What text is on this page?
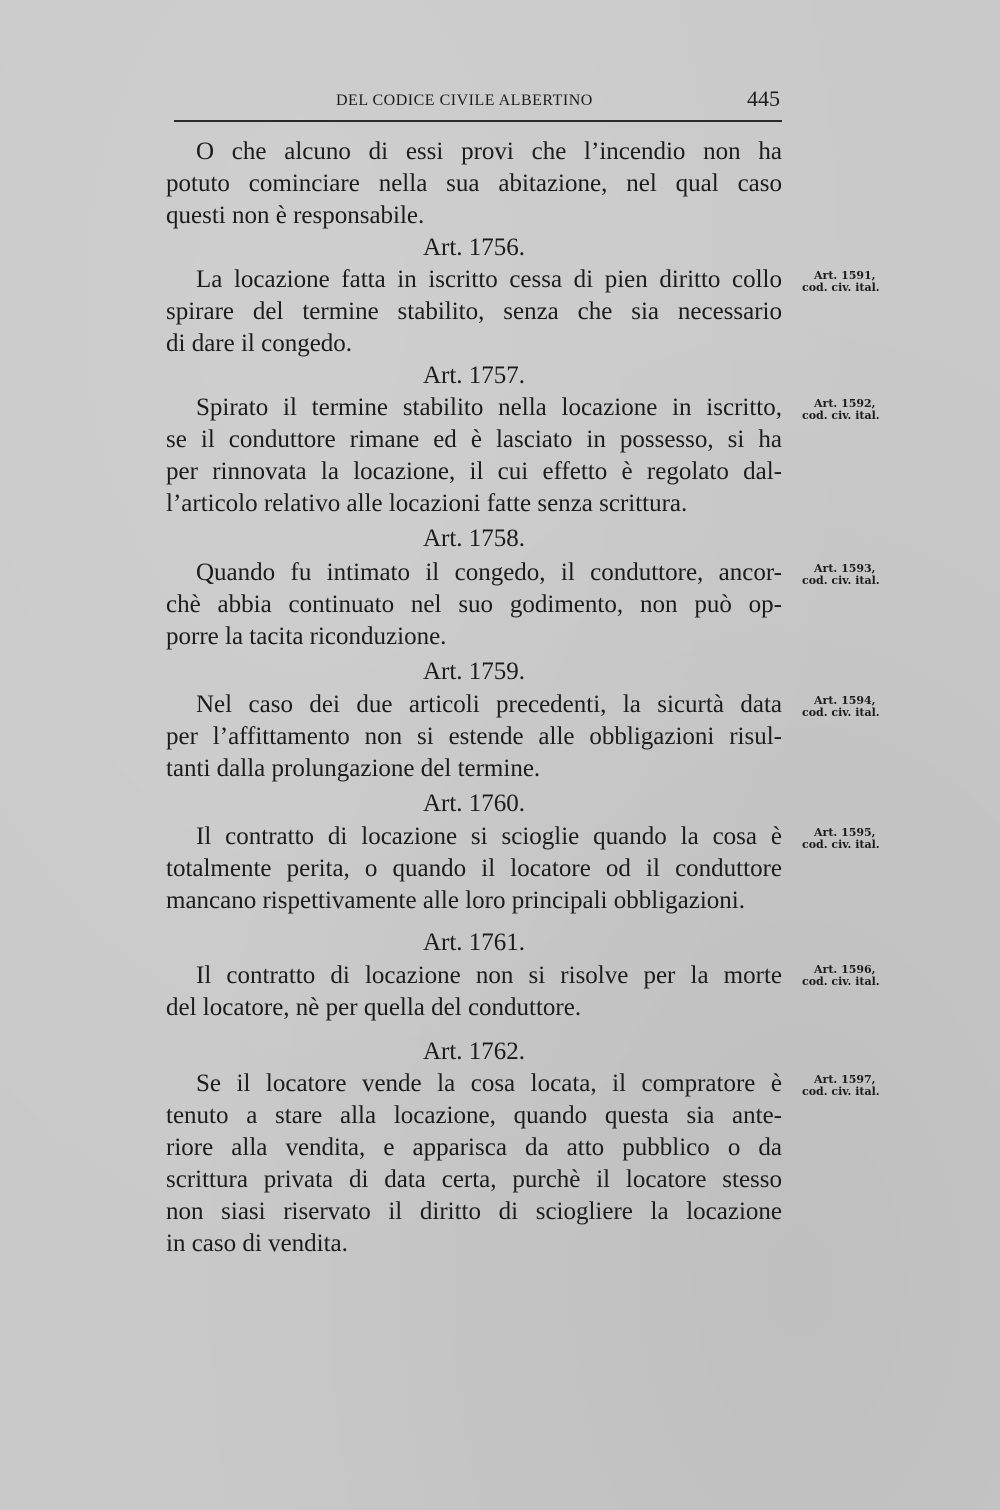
DEL CODICE CIVILE ALBERTINO	445
O che alcuno di essi provi che l’incendio non ha
potuto cominciare nella sua abitazione, nel qual caso
questi non è responsabile.
Art. 1756.
La locazione fatta in iscritto cessa di pien diritto collo
spirare del termine stabilito, senza che sia necessario
di dare il congedo.
Art. 1591,
cod. civ. ital.
Art. 1757.
Spirato il termine stabilito nella locazione in iscritto,
se il conduttore rimane ed è lasciato in possesso, si ha
per rinnovata la locazione, il cui effetto è regolato dal-
l’articolo relativo alle locazioni fatte senza scrittura.
Art. 1592,
cod. civ. ital.
Art. 1758.
Quando fu intimato il congedo, il conduttore, ancor-
chè abbia continuato nel suo godimento, non può op-
porre la tacita riconduzione.
Art. 1593,
cod. civ. ital.
Art. 1759.
Nel caso dei due articoli precedenti, la sicurtà data
per l’affittamento non si estende alle obbligazioni risul-
tanti dalla prolungazione del termine.
Art. 1594,
cod. civ. ital.
Art. 1760.
Il contratto di locazione si scioglie quando la cosa è
totalmente perita, o quando il locatore od il conduttore
mancano rispettivamente alle loro principali obbligazioni.
Art. 1595,
cod. civ. ital.
Art. 1761.
Il contratto di locazione non si risolve per la morte
del locatore, nè per quella del conduttore.
Art. 1596,
cod. civ. ital.
Art. 1762.
Se il locatore vende la cosa locata, il compratore è
tenuto a stare alla locazione, quando questa sia ante-
riore alla vendita, e apparisca da atto pubblico o da
scrittura privata di data certa, purchè il locatore stesso
non siasi riservato il diritto di sciogliere la locazione
in caso di vendita.
Art. 1597,
cod. civ. ital.
